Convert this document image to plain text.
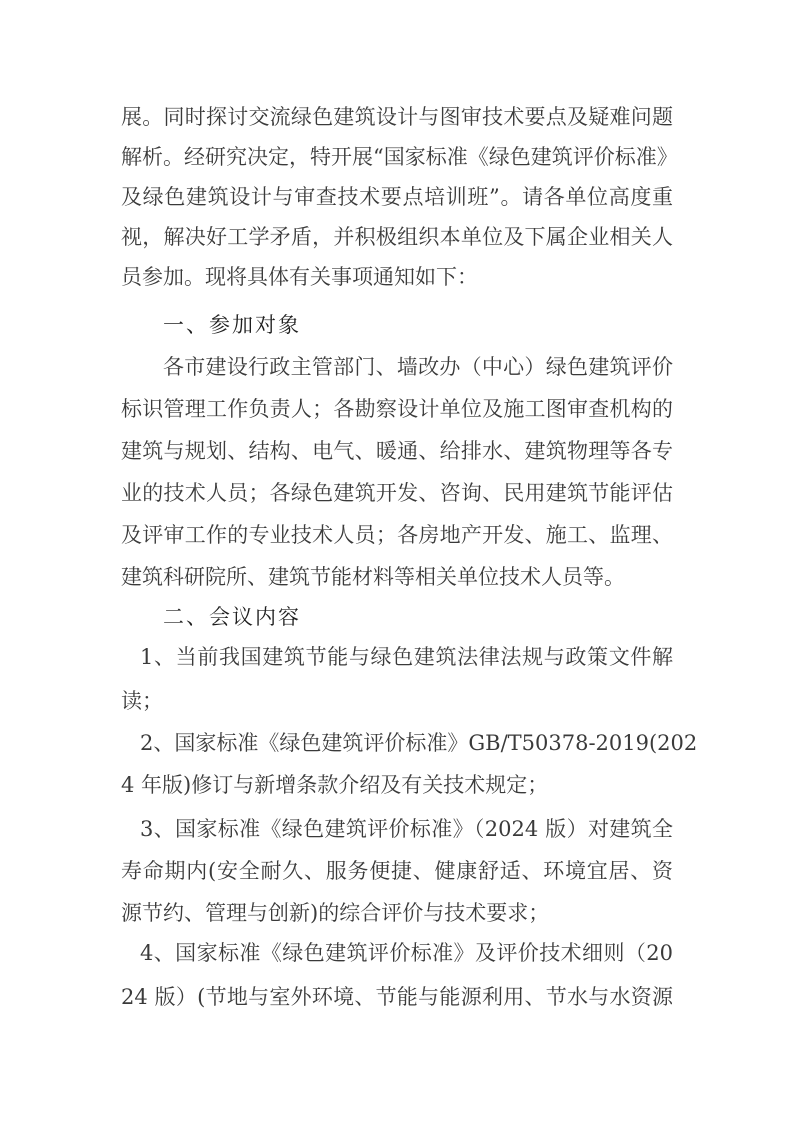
展。同时探讨交流绿色建筑设计与图审技术要点及疑难问题
解析。经研究决定，特开展“国家标准《绿色建筑评价标准》
及绿色建筑设计与审查技术要点培训班”。请各单位高度重
视，解决好工学矛盾，并积极组织本单位及下属企业相关人
员参加。现将具体有关事项通知如下：
一、参加对象
各市建设行政主管部门、墙改办（中心）绿色建筑评价
标识管理工作负责人；各勘察设计单位及施工图审查机构的
建筑与规划、结构、电气、暖通、给排水、建筑物理等各专
业的技术人员；各绿色建筑开发、咨询、民用建筑节能评估
及评审工作的专业技术人员；各房地产开发、施工、监理、
建筑科研院所、建筑节能材料等相关单位技术人员等。
二、会议内容
1、当前我国建筑节能与绿色建筑法律法规与政策文件解
读；
2、国家标准《绿色建筑评价标准》GB/T50378-2019(202
4 年版)修订与新增条款介绍及有关技术规定；
3、国家标准《绿色建筑评价标准》（2024 版）对建筑全
寿命期内(安全耐久、服务便捷、健康舒适、环境宜居、资
源节约、管理与创新)的综合评价与技术要求；
4、国家标准《绿色建筑评价标准》及评价技术细则（20
24 版）(节地与室外环境、节能与能源利用、节水与水资源
